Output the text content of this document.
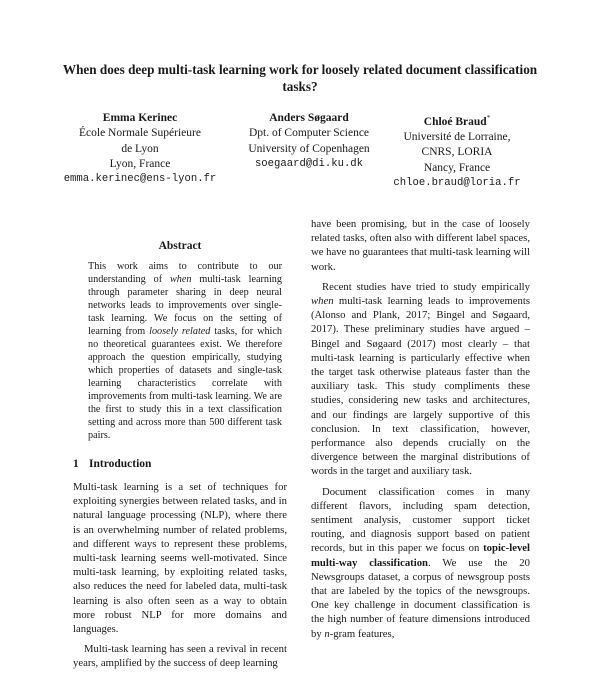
When does deep multi-task learning work for loosely related document classification tasks?
Emma Kerinec
École Normale Supérieure
de Lyon
Lyon, France
emma.kerinec@ens-lyon.fr
Anders Søgaard
Dpt. of Computer Science
University of Copenhagen
soegaard@di.ku.dk
Chloé Braud*
Université de Lorraine,
CNRS, LORIA
Nancy, France
chloe.braud@loria.fr
Abstract

This work aims to contribute to our understanding of when multi-task learning through parameter sharing in deep neural networks leads to improvements over single-task learning. We focus on the setting of learning from loosely related tasks, for which no theoretical guarantees exist. We therefore approach the question empirically, studying which properties of datasets and single-task learning characteristics correlate with improvements from multi-task learning. We are the first to study this in a text classification setting and across more than 500 different task pairs.

1 Introduction

Multi-task learning is a set of techniques for exploiting synergies between related tasks, and in natural language processing (NLP), where there is an overwhelming number of related problems, and different ways to represent these problems, multi-task learning seems well-motivated. Since multi-task learning, by exploiting related tasks, also reduces the need for labeled data, multi-task learning is also often seen as a way to obtain more robust NLP for more domains and languages.

Multi-task learning has seen a revival in recent years, amplified by the success of deep learning

have been promising, but in the case of loosely related tasks, often also with different label spaces, we have no guarantees that multi-task learning will work.

Recent studies have tried to study empirically when multi-task learning leads to improvements (Alonso and Plank, 2017; Bingel and Søgaard, 2017). These preliminary studies have argued – Bingel and Søgaard (2017) most clearly – that multi-task learning is particularly effective when the target task otherwise plateaus faster than the auxiliary task. This study compliments these studies, considering new tasks and architectures, and our findings are largely supportive of this conclusion. In text classification, however, performance also depends crucially on the divergence between the marginal distributions of words in the target and auxiliary task.

Document classification comes in many different flavors, including spam detection, sentiment analysis, customer support ticket routing, and diagnosis support based on patient records, but in this paper we focus on topic-level multi-way classification. We use the 20 Newsgroups dataset, a corpus of newsgroup posts that are labeled by the topics of the newsgroups. One key challenge in document classification is the high number of feature dimensions introduced by n-gram features,
